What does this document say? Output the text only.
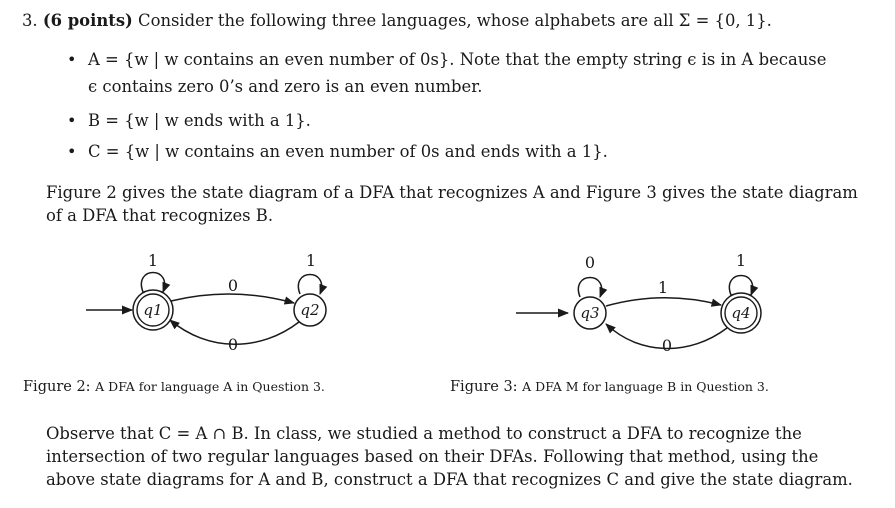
3. (6 points) Consider the following three languages, whose alphabets are all Σ = {0, 1}.
• A = {w | w contains an even number of 0s}. Note that the empty string ϵ is in A because
ϵ contains zero 0’s and zero is an even number.
• B = {w | w ends with a 1}.
• C = {w | w contains an even number of 0s and ends with a 1}.
Figure 2 gives the state diagram of a DFA that recognizes A and Figure 3 gives the state diagram
of a DFA that recognizes B.
q1	q2
1	1
0
0
q3	q4
0	1
1
0
Figure 2: A DFA for language A in Question 3.	Figure 3: A DFA M for language B in Question 3.
Observe that C = A ∩ B. In class, we studied a method to construct a DFA to recognize the
intersection of two regular languages based on their DFAs. Following that method, using the
above state diagrams for A and B, construct a DFA that recognizes C and give the state diagram.
